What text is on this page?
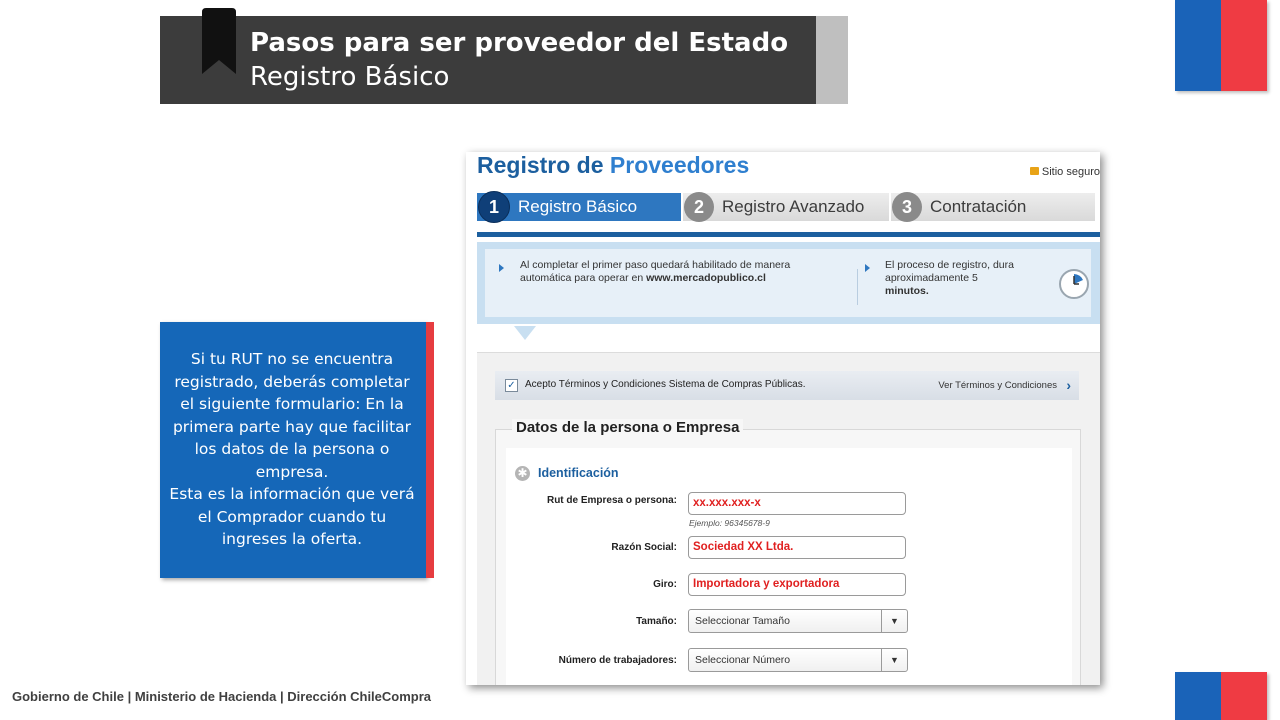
Pasos para ser proveedor del Estado
Registro Básico
Si tu RUT no se encuentra registrado, deberás completar el siguiente formulario: En la primera parte hay que facilitar los datos de la persona o empresa.
Esta es la información que verá el Comprador cuando tu ingreses la oferta.
Gobierno de Chile | Ministerio de Hacienda | Dirección ChileCompra
Registro de Proveedores	Sitio seguro
1	Registro Básico	2	Registro Avanzado	3	Contratación
Al completar el primer paso quedará habilitado de manera
automática para operar en www.mercadopublico.cl
El proceso de registro, dura
aproximadamente 5
minutos.
✓ Acepto Términos y Condiciones Sistema de Compras Públicas.	Ver Términos y Condiciones ›
Datos de la persona o Empresa
✱ Identificación
Rut de Empresa o persona:	xx.xxx.xxx-x
Ejemplo: 96345678-9
Razón Social:	Sociedad XX Ltda.
Giro:	Importadora y exportadora
Tamaño:	Seleccionar Tamaño	▼
Número de trabajadores:	Seleccionar Número	▼
